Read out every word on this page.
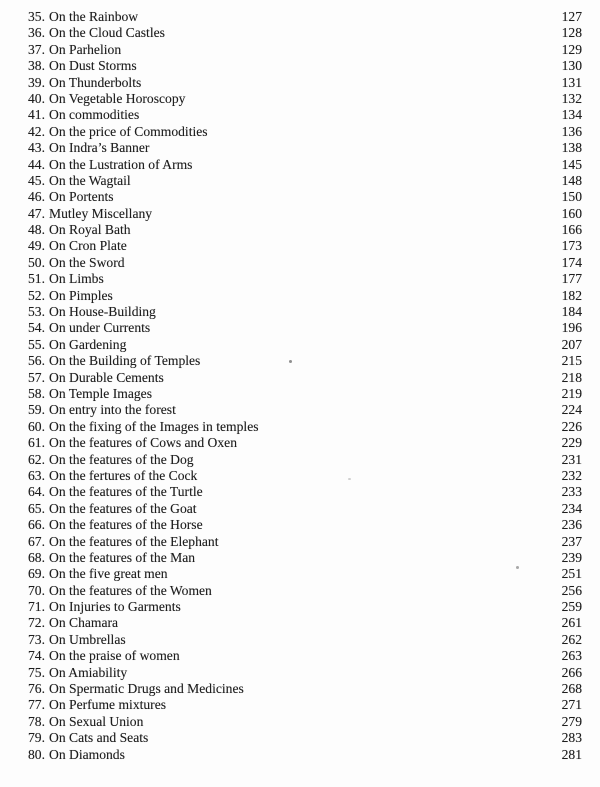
35. On the Rainbow	127
36. On the Cloud Castles	128
37. On Parhelion	129
38. On Dust Storms	130
39. On Thunderbolts	131
40. On Vegetable Horoscopy	132
41. On commodities	134
42. On the price of Commodities	136
43. On Indra’s Banner	138
44. On the Lustration of Arms	145
45. On the Wagtail	148
46. On Portents	150
47. Mutley Miscellany	160
48. On Royal Bath	166
49. On Cron Plate	173
50. On the Sword	174
51. On Limbs	177
52. On Pimples	182
53. On House-Building	184
54. On under Currents	196
55. On Gardening	207
56. On the Building of Temples	215
57. On Durable Cements	218
58. On Temple Images	219
59. On entry into the forest	224
60. On the fixing of the Images in temples	226
61. On the features of Cows and Oxen	229
62. On the features of the Dog	231
63. On the fertures of the Cock	232
64. On the features of the Turtle	233
65. On the features of the Goat	234
66. On the features of the Horse	236
67. On the features of the Elephant	237
68. On the features of the Man	239
69. On the five great men	251
70. On the features of the Women	256
71. On Injuries to Garments	259
72. On Chamara	261
73. On Umbrellas	262
74. On the praise of women	263
75. On Amiability	266
76. On Spermatic Drugs and Medicines	268
77. On Perfume mixtures	271
78. On Sexual Union	279
79. On Cats and Seats	283
80. On Diamonds	281
